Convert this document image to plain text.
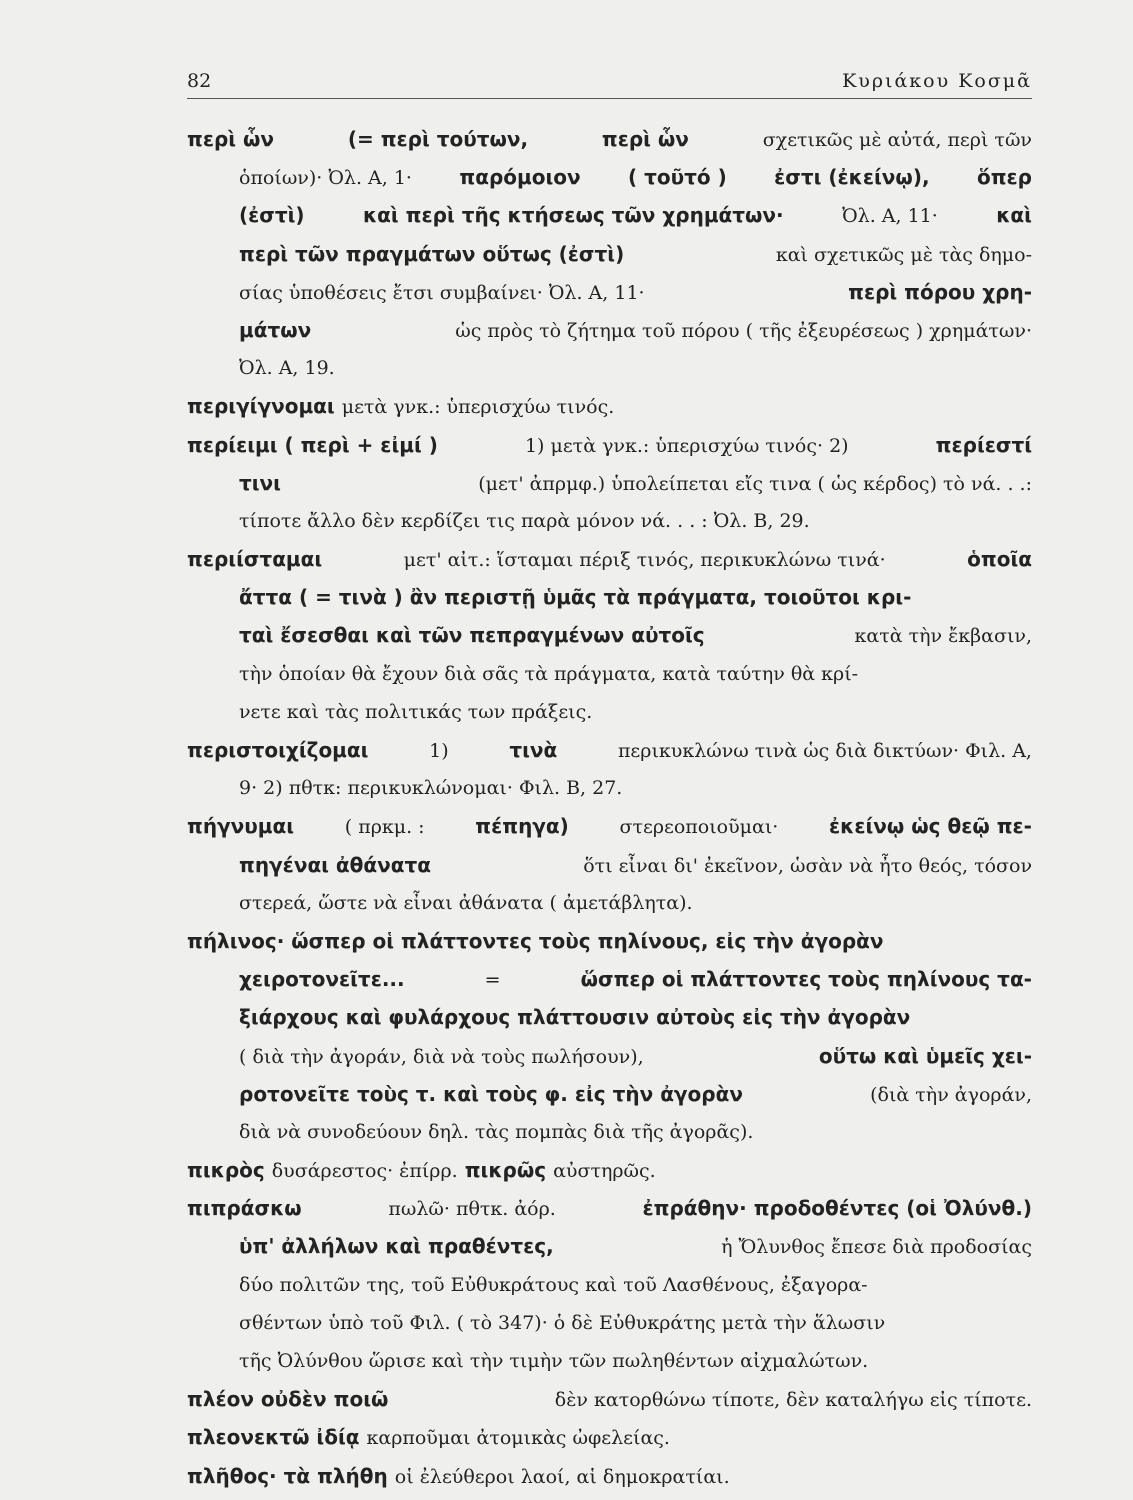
82	Κυριάκου Κοσμᾶ
περὶ ὧν	(= περὶ τούτων,	περὶ ὧν	σχετικῶς μὲ αὐτά, περὶ τῶν
ὁποίων)· Ὀλ. Α, 1· παρόμοιον ( τοῦτό ) ἐστι (ἐκείνῳ), ὅπερ
(ἐστὶ)	καὶ περὶ τῆς κτήσεως τῶν χρημάτων·	Ὀλ. Α, 11·	καὶ
περὶ τῶν πραγμάτων οὕτως (ἐστὶ)	καὶ σχετικῶς μὲ τὰς δημο-
σίας ὑποθέσεις ἔτσι συμβαίνει· Ὀλ. Α, 11·	περὶ πόρου χρη-
μάτων	ὡς πρὸς τὸ ζήτημα τοῦ πόρου ( τῆς ἐξευρέσεως ) χρημάτων·
Ὀλ. Α, 19.
περιγίγνομαι μετὰ γνκ.: ὑπερισχύω τινός.
περίειμι ( περὶ + εἰμί )	1) μετὰ γνκ.: ὑπερισχύω τινός· 2)	περίεστί
τινι	(μετ' ἀπρμφ.) ὑπολείπεται εἴς τινα ( ὡς κέρδος) τὸ νά. . .:
τίποτε ἄλλο δὲν κερδίζει τις παρὰ μόνον νά. . . : Ὀλ. Β, 29.
περιίσταμαι	μετ' αἰτ.: ἵσταμαι πέριξ τινός, περικυκλώνω τινά·	ὁποῖα
ἄττα ( = τινὰ ) ἂν περιστῇ ὑμᾶς τὰ πράγματα, τοιοῦτοι κρι-
ταὶ ἔσεσθαι καὶ τῶν πεπραγμένων αὐτοῖς	κατὰ τὴν ἔκβασιν,
τὴν ὁποίαν θὰ ἔχουν διὰ σᾶς τὰ πράγματα, κατὰ ταύτην θὰ κρί-
νετε καὶ τὰς πολιτικάς των πράξεις.
περιστοιχίζομαι	1)	τινὰ	περικυκλώνω τινὰ ὡς διὰ δικτύων· Φιλ. Α,
9· 2) πθτκ: περικυκλώνομαι· Φιλ. Β, 27.
πήγνυμαι	( πρκμ. :	πέπηγα)	στερεοποιοῦμαι·	ἐκείνῳ ὡς θεῷ πε-
πηγέναι ἀθάνατα	ὅτι εἶναι δι' ἐκεῖνον, ὡσὰν νὰ ἦτο θεός, τόσον
στερεά, ὥστε νὰ εἶναι ἀθάνατα ( ἀμετάβλητα).
πήλινος· ὥσπερ οἱ πλάττοντες τοὺς πηλίνους, εἰς τὴν ἀγορὰν
χειροτονεῖτε...	=	ὥσπερ οἱ πλάττοντες τοὺς πηλίνους τα-
ξιάρχους καὶ φυλάρχους πλάττουσιν αὐτοὺς εἰς τὴν ἀγορὰν
( διὰ τὴν ἀγοράν, διὰ νὰ τοὺς πωλήσουν),	οὕτω καὶ ὑμεῖς χει-
ροτονεῖτε τοὺς τ. καὶ τοὺς φ. εἰς τὴν ἀγορὰν	(διὰ τὴν ἀγοράν,
διὰ νὰ συνοδεύουν δηλ. τὰς πομπὰς διὰ τῆς ἀγορᾶς).
πικρὸς δυσάρεστος· ἐπίρρ. πικρῶς αὐστηρῶς.
πιπράσκω	πωλῶ· πθτκ. ἀόρ.	ἐπράθην· προδοθέντες (οἱ Ὀλύνθ.)
ὑπ' ἀλλήλων καὶ πραθέντες,	ἡ Ὄλυνθος ἔπεσε διὰ προδοσίας
δύο πολιτῶν της, τοῦ Εὐθυκράτους καὶ τοῦ Λασθένους, ἐξαγορα-
σθέντων ὑπὸ τοῦ Φιλ. ( τὸ 347)· ὁ δὲ Εὐθυκράτης μετὰ τὴν ἅλωσιν
τῆς Ὀλύνθου ὥρισε καὶ τὴν τιμὴν τῶν πωληθέντων αἰχμαλώτων.
πλέον οὐδὲν ποιῶ	δὲν κατορθώνω τίποτε, δὲν καταλήγω εἰς τίποτε.
πλεονεκτῶ ἰδίᾳ καρποῦμαι ἀτομικὰς ὠφελείας.
πλῆθος· τὰ πλήθη οἱ ἐλεύθεροι λαοί, αἱ δημοκρατίαι.
